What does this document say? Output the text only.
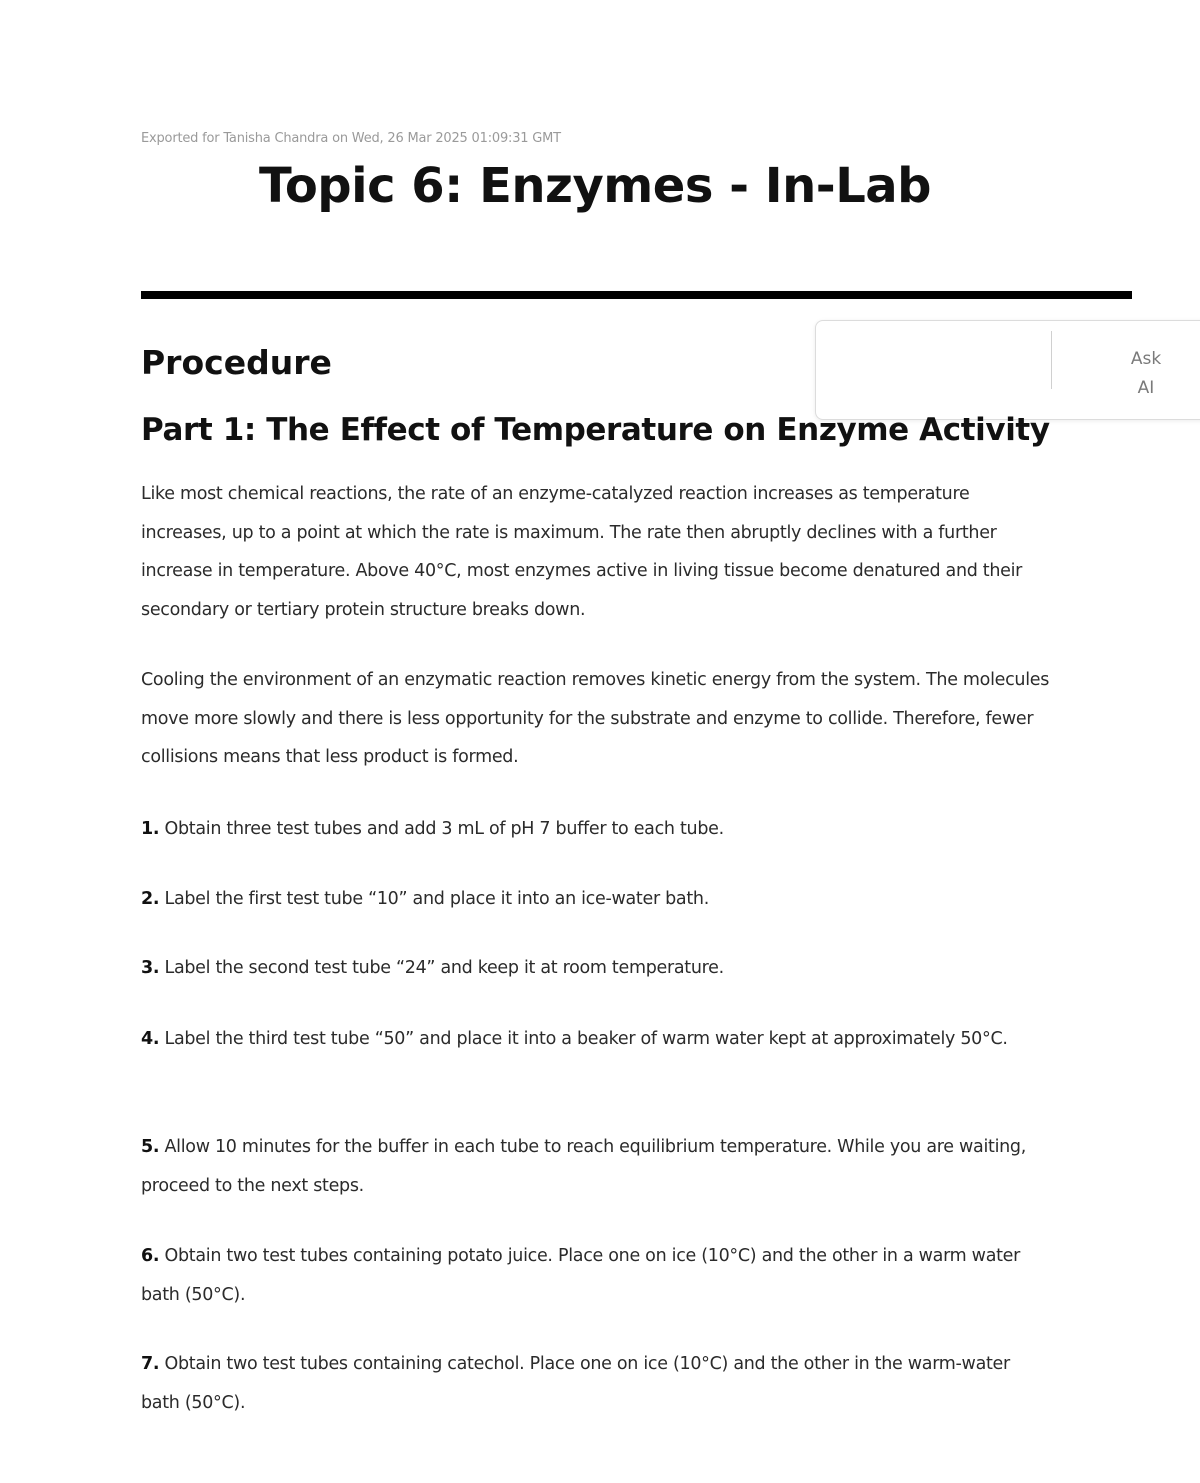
Exported for Tanisha Chandra on Wed, 26 Mar 2025 01:09:31 GMT
Topic 6: Enzymes - In-Lab
Ask
AI
Procedure
Part 1: The Effect of Temperature on Enzyme Activity

Like most chemical reactions, the rate of an enzyme-catalyzed reaction increases as temperature increases, up to a point at which the rate is maximum. The rate then abruptly declines with a further increase in temperature. Above 40°C, most enzymes active in living tissue become denatured and their secondary or tertiary protein structure breaks down.

Cooling the environment of an enzymatic reaction removes kinetic energy from the system. The molecules move more slowly and there is less opportunity for the substrate and enzyme to collide. Therefore, fewer collisions means that less product is formed.

1. Obtain three test tubes and add 3 mL of pH 7 buffer to each tube.

2. Label the first test tube “10” and place it into an ice-water bath.

3. Label the second test tube “24” and keep it at room temperature.

4. Label the third test tube “50” and place it into a beaker of warm water kept at approximately 50°C.

5. Allow 10 minutes for the buffer in each tube to reach equilibrium temperature. While you are waiting, proceed to the next steps.

6. Obtain two test tubes containing potato juice. Place one on ice (10°C) and the other in a warm water bath (50°C).

7. Obtain two test tubes containing catechol. Place one on ice (10°C) and the other in the warm-water bath (50°C).
